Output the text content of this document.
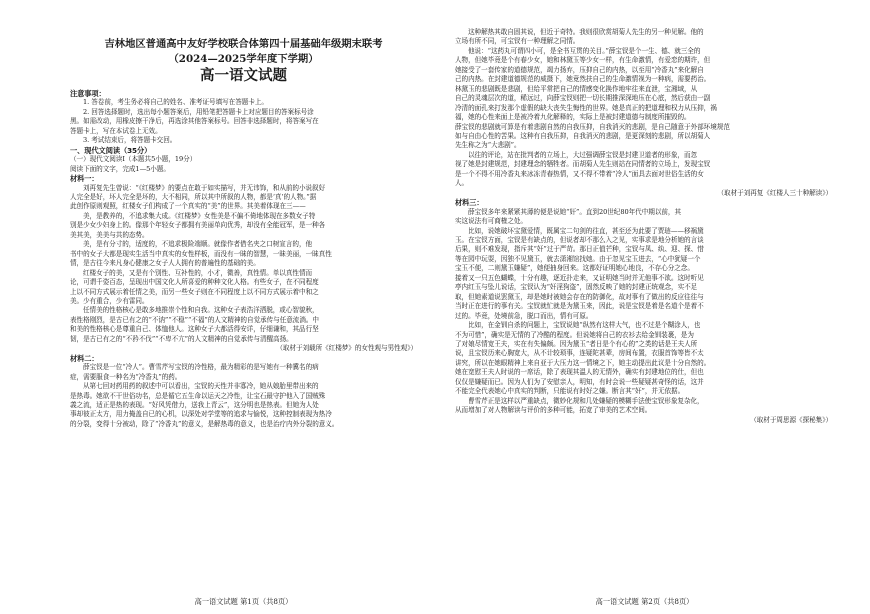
吉林地区普通高中友好学校联合体第四十届基础年级期末联考
（2024—2025学年度下学期）
高一语文试题
注意事项：
1. 答卷前，考生务必将自己的姓名、准考证号填写在答题卡上。
2. 回答选择题时，选出每小题答案后，用铅笔把答题卡上对应题目的答案标号涂
黑。如需改动，用橡皮擦干净后，再选涂其他答案标号。回答非选择题时，将答案写在
答题卡上，写在本试卷上无效。
3. 考试结束后，将答题卡交回。
一、现代文阅读（35分）
（一）现代文阅读Ⅰ（本题共5小题，19分）
阅读下面的文字，完成1—5小题。
材料一：
刘再复先生曾说：“《红楼梦》的要点在敢于如实描写，并无讳饰，和从前的小说叙好
人完全是好，坏人完全是坏的，大不相同，所以其中所叙的人物，都是‘真’的人物。”据
此创作原则观照，红楼女子们构成了一个真实的“美”的世界。其美着体现在三——
美，是教养的，不追求集大成。《红楼梦》女性美是不偏不倚地体现在多数女子特
别是少女少妇身上的。像那个年轻女子都拥有美丽单向优秀，却没有全能冠军，是一种各
美其美，美美与共的态势。
美，是有分寸的，适度的，不追求极险端顺。就像作者借名夹之口树宣言的，他
书中的女子大都是现实生活当中真实的女性样板，而没有一昧的智慧，一昧美丽，一昧真性
情，是古往今来凡身心健康之女子人人拥有的普遍性的基础的美。
红楼女子的美，又是有个别性、互补性的，小才，微善，真性情。单以真性情而
论，可谓千姿百态，呈现出中国文化人所喜爱的种种文化人格。有些女子，在不同程度
上以不同方式展示着任情之美，而另一些女子则在不同程度上以不同方式展示着中和之
美。少有重合，少有雷同。
任情美的性格核心是敢多地推崇个性和自我。这种女子表浩洋洒脱，或心智貌秋，
表性格刚烈，是古已有之的“不讷”“不稳”“不福”的人文精神的自觉承传与任意流淌。中
和美的性格核心是尊重自己、体恤他人。这种女子大都活得安详，仔细谦和，其品行坚
韧，是古已有之的“不矜不伐”“不卑不亢”的人文精神的自觉承传与清醒高扬。
（取材于刘载所《红楼梦》的女性观与男性观》）
材料二：
薛宝钗是一位“冷人”。曹雪芹写宝钗的冷性格，最为精彩的是写她有一种冀名的病
症，需要服食一种名为“冷香丸”的药。
从第七回对药用药的叙述中可以看出，宝钗的天性并非寡冷，她从娘胎里带出来的
是热毒。她欲不干世俗功名，总是循它五生命以运天之冷性，让宝石最守护他入了国贼殊
義之流，适正是热的表现。“好风凭借力，送我上青云”，这分明也是热表。但她为人处
事却彼正太方，用力掩盖自已的心机，以深处对学堂等的追求与愉悦，这种控制表现为热冷
的分裂，变得十分被动，除了“冷香丸”的意义，是解热毒的意义，也是治疗内外分裂的意义。
高一语文试题 第1页（共8页）
这种解热其敢自固其说，但近于奇特。我则很欣赏胡菊人先生的另一种见解。他的
立场有所不同，可宝钗有一种理解之同情。
他说：“这药丸可谓四小可，是全书互贯的关目。”薛宝钗是个一生、德、就三全的
人物，但她毕竟是个有春少女，她和林黛玉等少女一样，有生命激情，有爱恋的期许，但
她接受了一套传家的道德规范，竭力扬弃，压抑自己的内热，以至用“冷香丸”来化解自
己的内热。在封建道德规范的威摄下，她竟然扶自己的生命激情视为一种病，需要药治。
林黛玉的悲剧既是悲剧，但给平常把自己的情感变化换作地牢往来直泄，宝湘域，从
自己的灵魂层次的道，稀远过，向薛宝钗则把一切长期推深深地压在心底，然后获由一副
冷清的面孔来打发那个虚假的缺大丧失生悔性的世界。她是真正的把道理和权力从压抑，祸
福，她的心性来面上是被冷着九化解释的，实际上是被封建道德与制度所摧毁的。
薛宝钗的悲剧就可算是有着悲剧自然的自我压抑，自我消灭的悲剧，是自己随意于外部环境规范
如与自由心性的苦果。这种有自我压抑，自我消灭的悲剧，是更深刻的悲剧，所以胡菊人
先生称之为“大悲剧”。
以往的评论，站在批判者的立场上，大过强调薛宝钗是封建卫道者的形象，而忽
视了她是封建规范，封建理念的牺牲者。而胡菊人先生则站在同情者的立场上，发现宝钗
是一个不得不用冷香丸来冰冻青春热情，又不得不带着“冷人”面具去面对世俗生活的女
人。
（取材于刘再复《红楼人三十种解读》）
材料三：
薛宝钗多年来紧紧其薄的便是说她“奸”。直到20世纪80年代中期以前，其
实这说法有可商榷之处。
比如，说她破坏宝黛爱情，既属宝二句剑的往直，甚至还为此要了贾琏——移祸黛
玉。在宝钗方面，宝钗是有缺点的，但说者却不那么入之见，实事求是地分析她的言谈
后果，则不难发现，指斥其“奸”过于严苛。那日正值芒种，宝钗与凤、纨、迎、探、惜
等在园中玩耍，因独不见黛玉，就去潇湘馆找她。由于忽见宝玉进去，“心中犹疑一个
宝玉不便，二则黛玉嫌疑”，她便抽身回来。这都好证明她心地良，不存心分之念。
接着又一只五色蝴蝶，十分有趣，逐近扑走来，又证明她当时并无他事不欲。这时听见
亭内红玉与坠儿说话，宝钗认为“奸淫狗盗”，固然反映了她的封建正统观念，实不足
取，但她素道说罢黛玉，却是她时被她会存在的防御化，故对事有了做出的反应往往与
当时正在进行的事有关。宝钗就忙就是为黛玉来，因此，说是宝钗是着是名道个是着不
过的。毕竟，处境前急，脱口而出，情有可原。
比如，在金钏自杀的问题上，宝钗说她“纵然有这样大气，也不过是个糊涂人，也
不为可惜”，确实是无情的了冷酷的程度。但说她将自己的衣衫去给金钏装裹，是为
了对娘尽情宽王夫，实在有失偏颇。因为黛玉“者日是个有心的”之类的话是王夫人所
说，且宝钗历来心胸宽大，从不计较琐事，连疑陀甚辈，房间布置，衣服首饰等皆不太
讲究，所以在她眼精神上来自亚于大压力这一情境之下，她主动提出此议是十分自然的。
她在宽慰王夫人时说的一席话，除了表现其温人的无情外，确实有封建地位的仕，但也
仅仅是嫌疑而已。因为人们为了安慰亲人，明知，有时会说一些疑疑甚奇怪的话，这并
不能完全代表她心中真实的判断，只能说有时好之嫌。断言其“奸”，并无依据。
曹雪芹正是这样以严重缺点，微妙化规和几处嫌疑的模糊手法使宝钗形象复杂化，
从而增加了对人物解读与评价的多种可能，拓宽了审美的艺术空间。
（取材于周思源《探秘集》）
高一语文试题 第2页（共8页）
